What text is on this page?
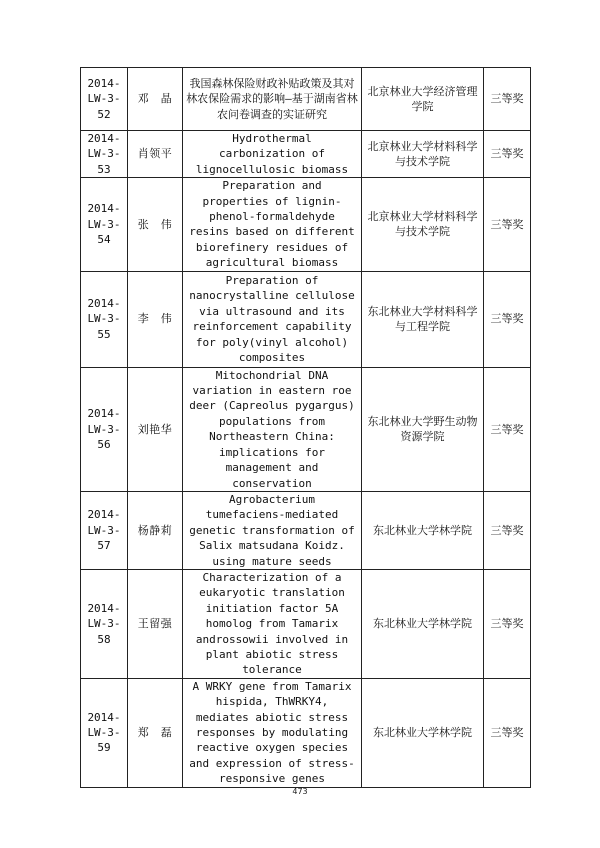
2014-LW-3-52	邓　晶	我国森林保险财政补贴政策及其对林农保险需求的影响—基于湖南省林农问卷调查的实证研究	北京林业大学经济管理学院	三等奖
2014-LW-3-53	肖领平	Hydrothermal carbonization of lignocellulosic biomass	北京林业大学材料科学与技术学院	三等奖
2014-LW-3-54	张　伟	Preparation and properties of lignin-phenol-formaldehyde resins based on different biorefinery residues of agricultural biomass	北京林业大学材料科学与技术学院	三等奖
2014-LW-3-55	李　伟	Preparation of nanocrystalline cellulose via ultrasound and its reinforcement capability for poly(vinyl alcohol) composites	东北林业大学材料科学与工程学院	三等奖
2014-LW-3-56	刘艳华	Mitochondrial DNA variation in eastern roe deer (Capreolus pygargus) populations from Northeastern China: implications for management and conservation	东北林业大学野生动物资源学院	三等奖
2014-LW-3-57	杨静莉	Agrobacterium tumefaciens-mediated genetic transformation of Salix matsudana Koidz. using mature seeds	东北林业大学林学院	三等奖
2014-LW-3-58	王留强	Characterization of a eukaryotic translation initiation factor 5A homolog from Tamarix androssowii involved in plant abiotic stress tolerance	东北林业大学林学院	三等奖
2014-LW-3-59	郑　磊	A WRKY gene from Tamarix hispida, ThWRKY4, mediates abiotic stress responses by modulating reactive oxygen species and expression of stress-responsive genes	东北林业大学林学院	三等奖
473
